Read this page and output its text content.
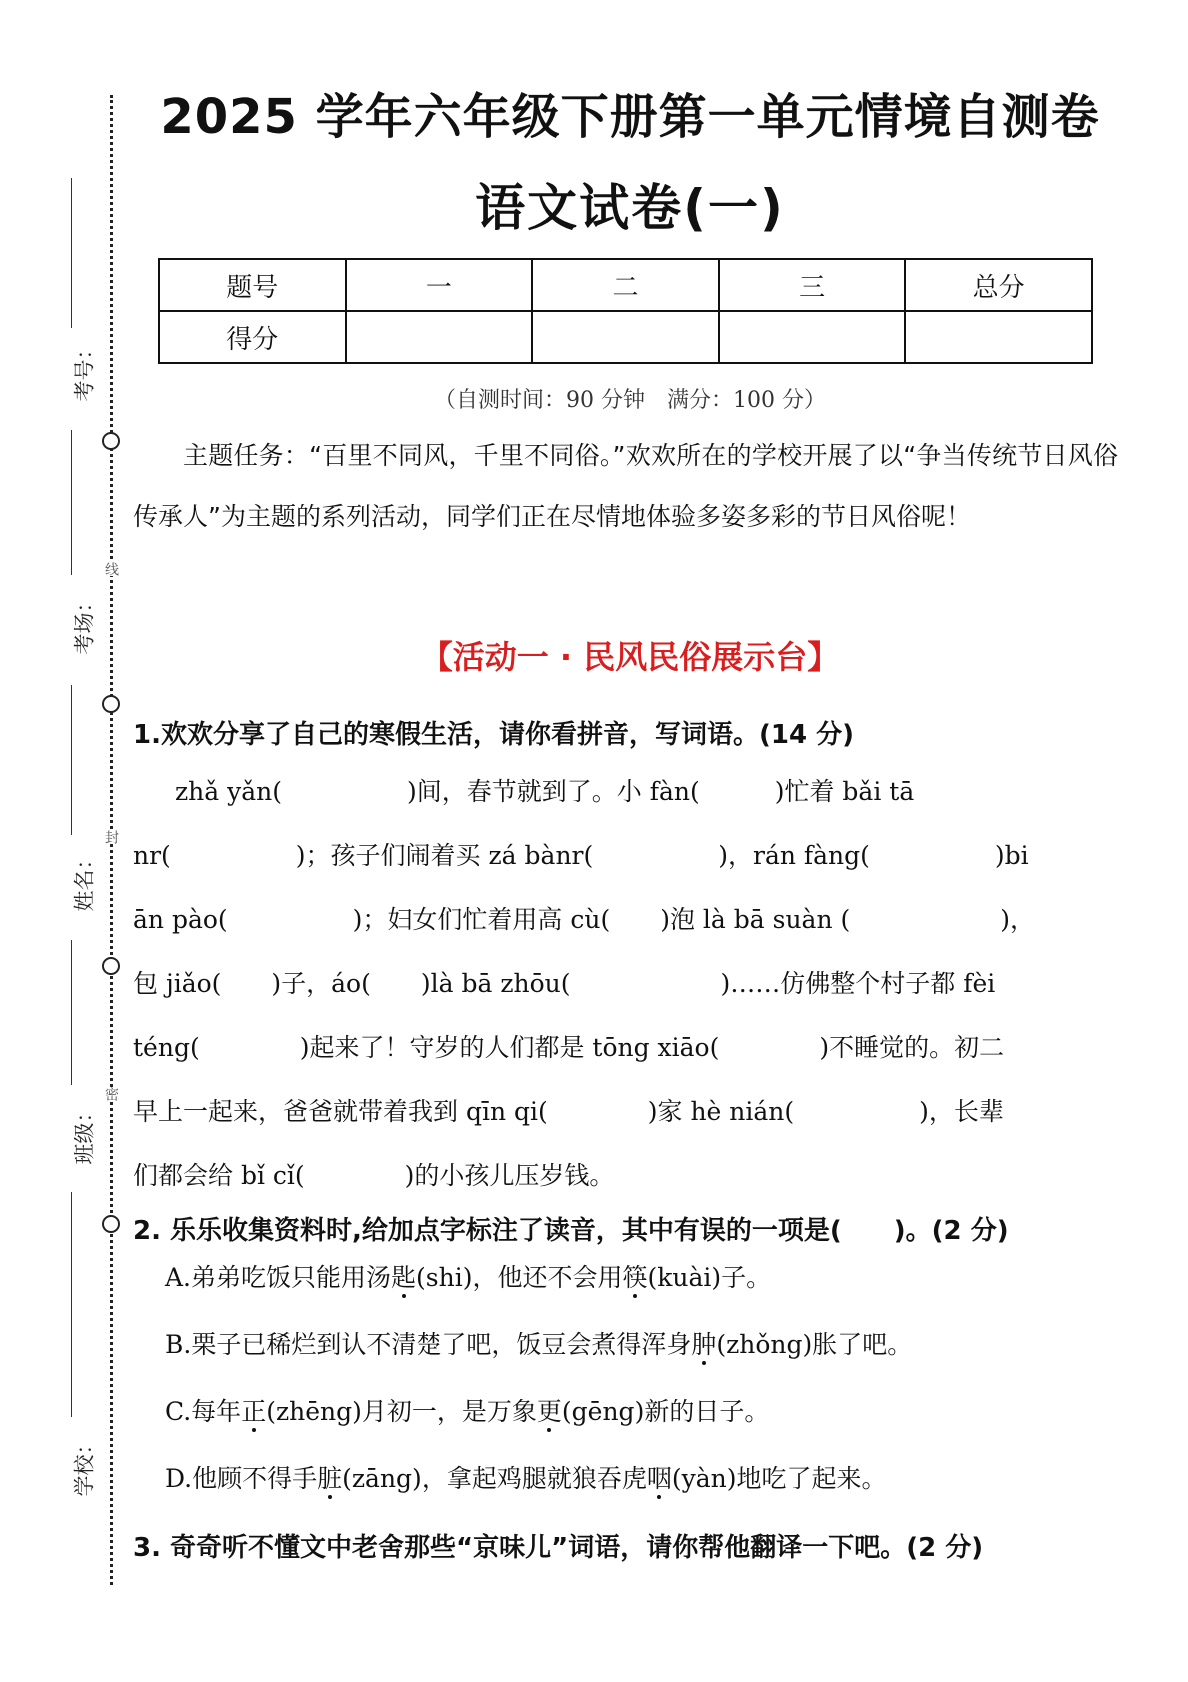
线
封
密
考号：
考场：
姓名：
班级：
学校：
2025 学年六年级下册第一单元情境自测卷
语文试卷(一)
题号	一	二	三	总分
得分				
（自测时间：90 分钟　满分：100 分）
主题任务：“百里不同风，千里不同俗。”欢欢所在的学校开展了以“争当传统节日风俗传承人”为主题的系列活动，同学们正在尽情地体验多姿多彩的节日风俗呢！
【活动一 · 民风民俗展示台】
1.欢欢分享了自己的寒假生活，请你看拼音，写词语。(14 分)
zhǎ yǎn(　　　　　)间，春节就到了。小 fàn(　　　)忙着 bǎi tā
nr(　　　　　)；孩子们闹着买 zá bànr(　　　　　)，rán fàng(　　　　　)bi
ān pào(　　　　　)；妇女们忙着用高 cù(　　)泡 là bā suàn (　　　　　　)，
包 jiǎo(　　)子，áo(　　)là bā zhōu(　　　　　　)……仿佛整个村子都 fèi
téng(　　　　)起来了！守岁的人们都是 tōng xiāo(　　　　)不睡觉的。初二
早上一起来，爸爸就带着我到 qīn qi(　　　　)家 hè nián(　　　　　)，长辈
们都会给 bǐ cǐ(　　　　)的小孩儿压岁钱。
2. 乐乐收集资料时,给加点字标注了读音，其中有误的一项是(　　)。(2 分)
A.弟弟吃饭只能用汤匙(shi)，他还不会用筷(kuài)子。
B.栗子已稀烂到认不清楚了吧，饭豆会煮得浑身肿(zhǒng)胀了吧。
C.每年正(zhēng)月初一，是万象更(gēng)新的日子。
D.他顾不得手脏(zāng)，拿起鸡腿就狼吞虎咽(yàn)地吃了起来。
3. 奇奇听不懂文中老舍那些“京味儿”词语，请你帮他翻译一下吧。(2 分)
